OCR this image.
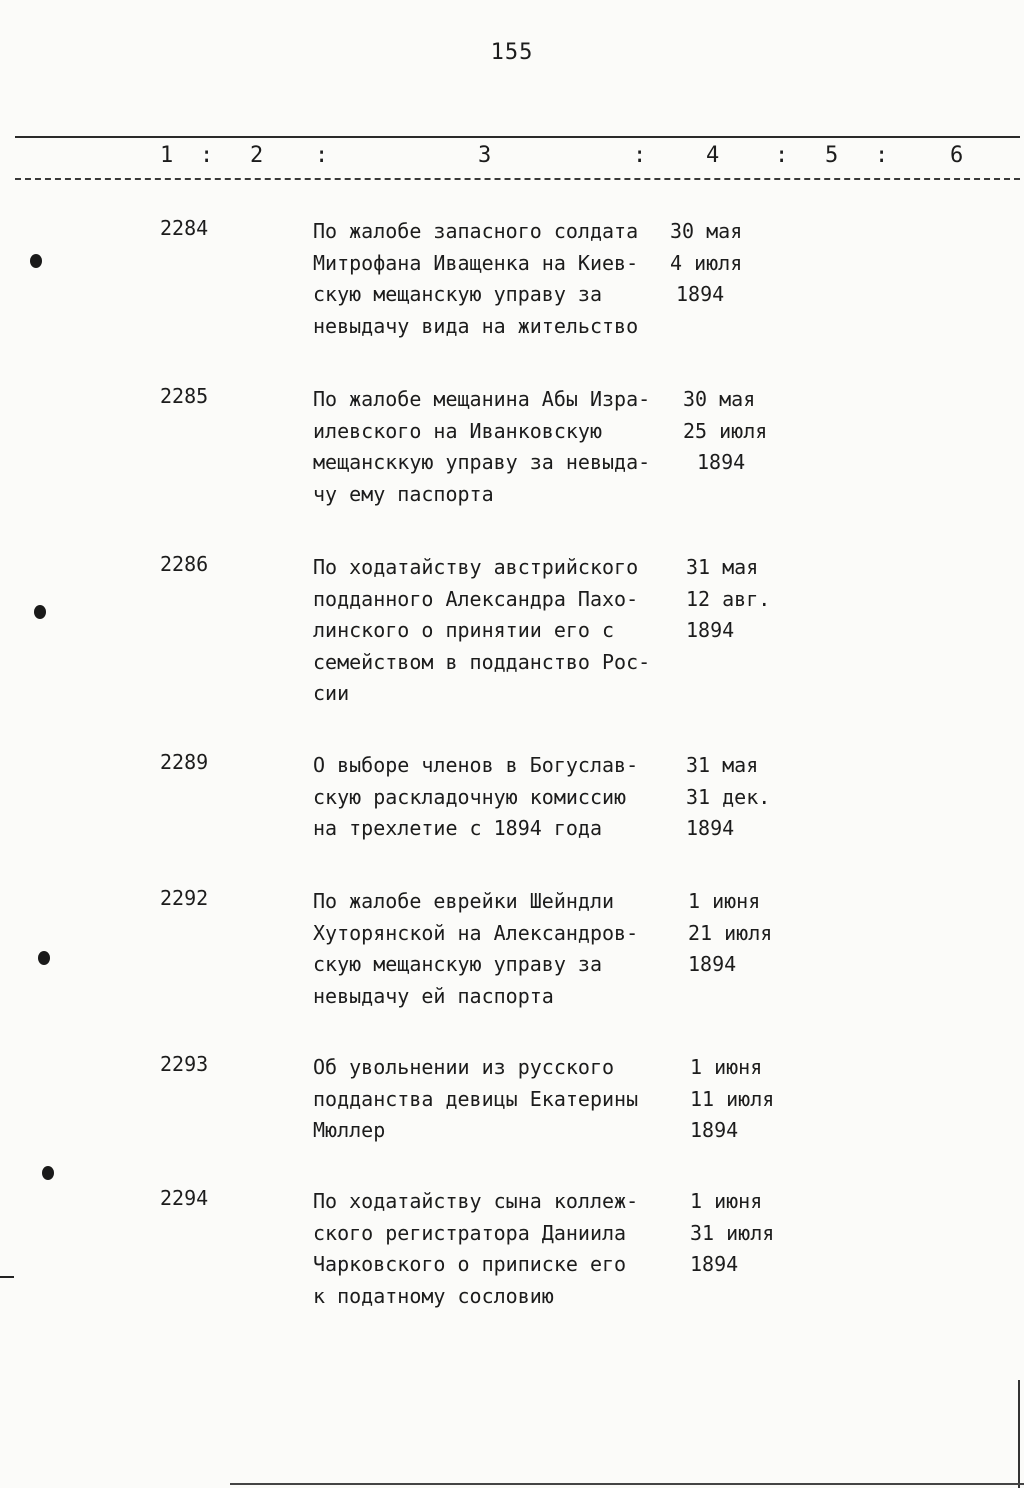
155
1 : 2 :	3	:	4	: 5 :	6
2284	По жалобе запасного солдата
Митрофана Иващенка на Киев-
скую мещанскую управу за
невыдачу вида на жительство
30 мая
4 июля
1894
2285	По жалобе мещанина Абы Изра-
илевского на Иванковскую
мещансккую управу за невыда-
чу ему паспорта
30 мая
25 июля
1894
2286	По ходатайству австрийского
подданного Александра Пахо-
линского о принятии его с
семейством в подданство Рос-
сии
31 мая
12 авг.
1894
2289	О выборе членов в Богуслав-
скую раскладочную комиссию
на трехлетие с 1894 года
31 мая
31 дек.
1894
2292	По жалобе еврейки Шейндли
Хуторянской на Александров-
скую мещанскую управу за
невыдачу ей паспорта
1 июня
21 июля
1894
2293	Об увольнении из русского
подданства девицы Екатерины
Мюллер
1 июня
11 июля
1894
2294	По ходатайству сына коллеж-
ского регистратора Даниила
Чарковского о приписке его
к податному сословию
1 июня
31 июля
1894
